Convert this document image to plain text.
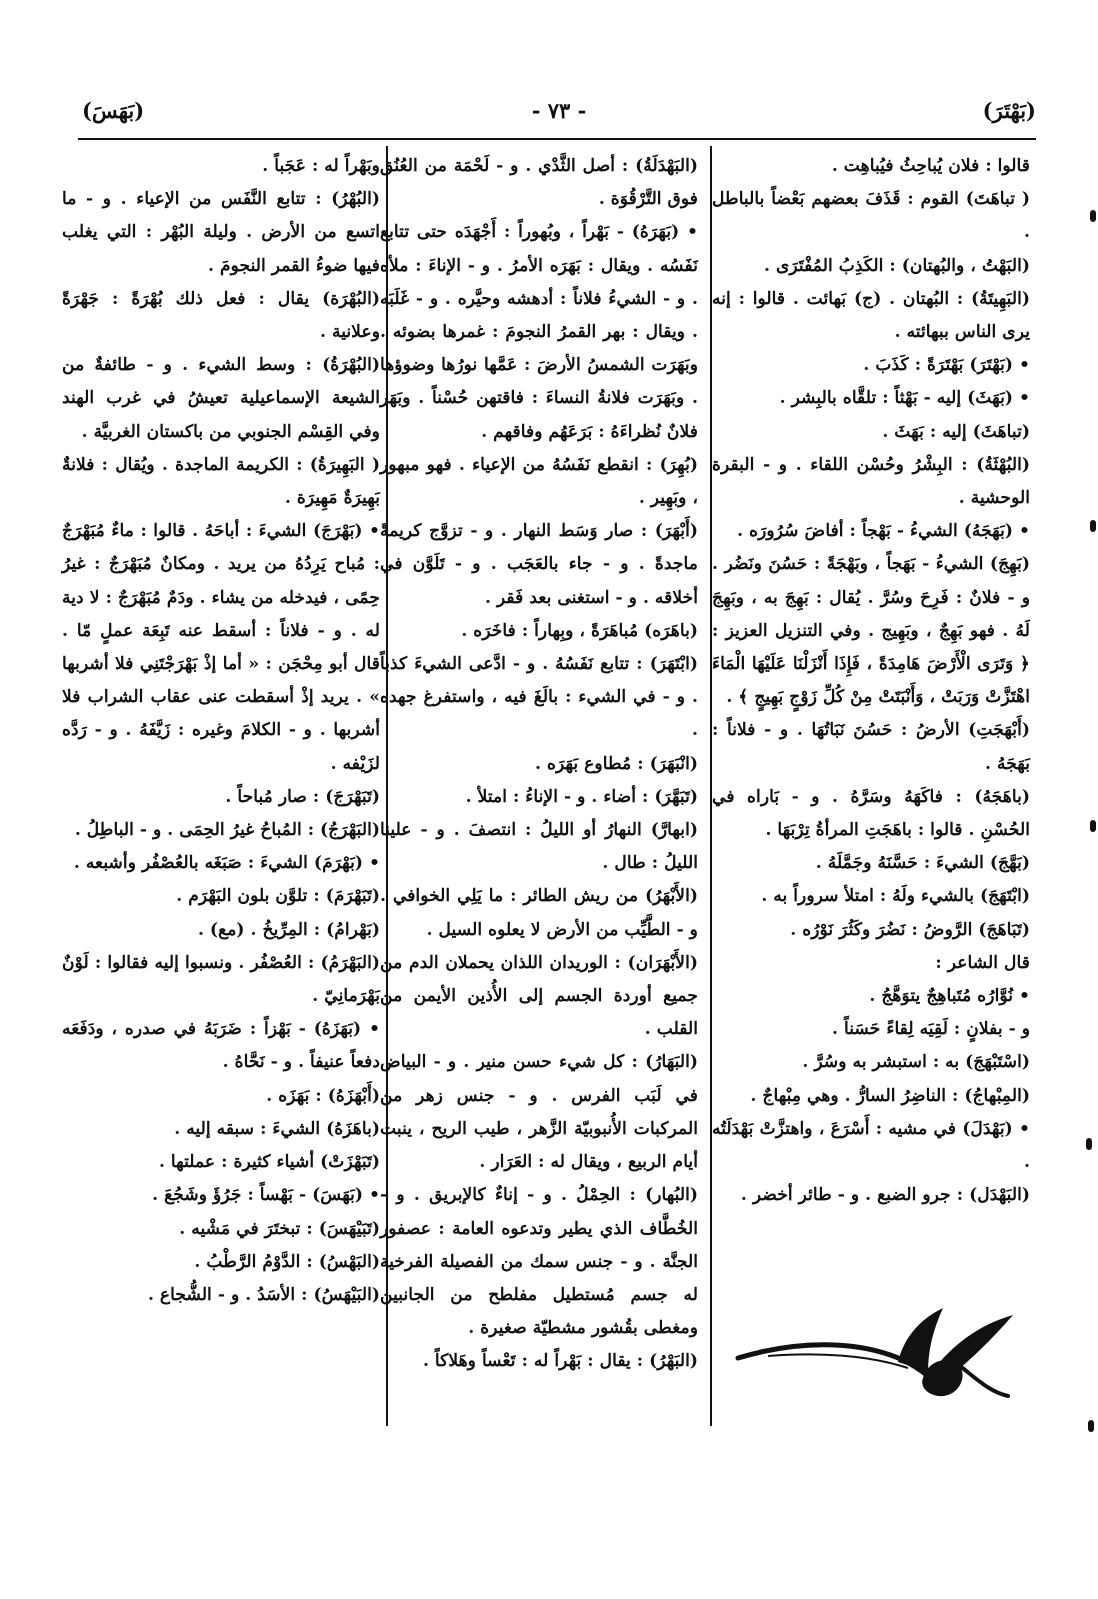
(بَهْتَرَ)
- ٧٣ -
(بَهَسَ)

قالوا : فلان يُباحِثُ فيُباهِت .

( تباهَتَ) القوم : قَذَفَ بعضهم بَعْضاً بالباطل .

(البَهْتُ ، والبُهتان) : الكَذِبُ المُفْتَرَى .

(البَهِيتَةُ) : البُهتان . (ج) بَهائت . قالوا : إنه يرى الناس ببهائته .

• (بَهْتَرَ) بَهْتَرَةً : كَذَبَ .

• (بَهَثَ) إليه - بَهْثاً : تلقَّاه بالبِشر .

(تباهَثَ) إليه : بَهَثَ .

(البُهْثَةُ) : البِشْرُ وحُسْن اللقاء . و - البقرة الوحشية .

• (بَهَجَهُ) الشيءُ - بَهْجاً : أفاضَ سُرُورَه .

(بَهِجَ) الشيءُ - بَهَجاً ، وبَهْجَةً : حَسُنَ ونَضُر . و - فلانٌ : فَرِحَ وسُرَّ . يُقال : بَهِجَ به ، وبَهِجَ لَهُ . فهو بَهِجٌ ، وبَهِيج . وفي التنزيل العزيز : ﴿ وَتَرَى الْأَرْضَ هَامِدَةً ، فَإِذَا أَنْزَلْنَا عَلَيْهَا الْمَاءَ اهْتَزَّتْ وَرَبَتْ ، وَأَنْبَتَتْ مِنْ كُلِّ زَوْجٍ بَهِيجٍ ﴾ .

(أَبْهَجَتِ) الأرضُ : حَسُنَ نَبَاتُهَا . و - فلاناً : بَهَجَهُ .

(باهَجَهُ) : فاكَهَهُ وسَرَّهُ . و - بَاراه في الحُسْنِ . قالوا : باهَجَتِ المرأةُ تِرْبَهَا .

(بَهَّجَ) الشيءَ : حَسَّنَهُ وجَمَّلَهُ .

(ابْتَهَجَ) بالشيء ولَهُ : امتلأ سروراً به .

(تَبَاهَجَ) الرَّوضُ : نَضُرَ وكَثُرَ نَوْرُه .

قال الشاعر :

• نُوَّارُه مُتَباهِجٌ يتوَهَّجُ .

و - بفلانٍ : لَقِيَه لِقاءً حَسَناً .

(اسْتَبْهَجَ) به : استبشر به وسُرَّ .

(المِبْهاجُ) : الناضِرُ السارُّ . وهي مِبْهاجٌ .

• (بَهْدَلَ) في مشيه : أَسْرَعَ ، واهتزَّتْ بَهْدَلَتُه .

(البَهْدَل) : جرو الضبع . و - طائر أخضر .

(البَهْدَلَةُ) : أصل الثَّدْي . و - لَحْمَة من العُنُق فوق التَّرْقُوَة .

• (بَهَرَهُ) - بَهْراً ، وبُهوراً : أَجْهَدَه حتى تتابع نَفَسُه . ويقال : بَهَرَه الأمرُ . و - الإناءَ : ملأه . و - الشيءُ فلاناً : أدهشه وحيَّره . و - غَلَبَه . ويقال : بهر القمرُ النجومَ : غمرها بضوئه . وبَهَرَت الشمسُ الأرضَ : عَمَّها نورُها وضوؤها . وبَهَرَت فلانةُ النساءَ : فاقتهن حُسْناً . وبَهَر فلانٌ نُظراءَهُ : بَرَعَهُم وفاقهم .

(بُهِرَ) : انقطع نَفَسُهُ من الإعياء . فهو مبهور ، وبَهِير .

(أَبْهَرَ) : صار وَسَط النهار . و - تزوَّج كريمةً ماجدةً . و - جاء بالعَجَب . و - تَلَوَّن في أخلاقه . و - استغنى بعد فَقر .

(باهَرَه) مُباهَرَةً ، وبِهاراً : فاخَرَه .

(ابْتَهَرَ) : تتابع نَفَسُهُ . و - ادَّعى الشيءَ كذباً . و - في الشيء : بالَغَ فيه ، واستفرغ جهده .

(انْبَهَرَ) : مُطاوع بَهَرَه .

(تَبَهَّرَ) : أضاء . و - الإناءُ : امتلأ .

(ابهارَّ) النهارُ أو الليلُ : انتصفَ . و - علينا الليلُ : طال .

(الأَبْهَرُ) من ريش الطائر : ما يَلِي الخوافي . و - الطَّيِّب من الأرض لا يعلوه السيل .

(الأَبْهَرَان) : الوريدان اللذان يحملان الدم من جميع أوردة الجسم إلى الأُذين الأيمن من القلب .

(البَهَارُ) : كل شيء حسن منير . و - البياض في لَبَب الفرس . و - جنس زهر من المركبات الأُنبوبيّة الزَّهر ، طيب الريح ، ينبت أيام الربيع ، ويقال له : العَرَار .

(البُهار) : الحِمْلُ . و - إناءٌ كالإبريق . و - الخُطَّاف الذي يطير وتدعوه العامة : عصفور الجنَّة . و - جنس سمك من الفصيلة الفرخية له جسم مُستطيل مفلطح من الجانبين ومغطى بقُشور مشطيّة صغيرة .

(البَهْرُ) : يقال : بَهْراً له : تَعْساً وهَلاكاً .

وبَهْراً له : عَجَباً .

(البُهْرُ) : تتابع النَّفَس من الإعياء . و - ما اتسع من الأرض . وليلة البُهْر : التي يغلب فيها ضوءُ القمر النجومَ .

(البُهْرَة) يقال : فعل ذلك بُهْرَةً : جَهْرَةً وعلانية .

(البُهْرَةُ) : وسط الشيء . و - طائفةٌ من الشيعة الإسماعيلية تعيشُ في غرب الهند وفي القِسْم الجنوبي من باكستان الغربيَّة .

( البَهِيرَةُ) : الكريمة الماجدة . ويُقال : فلانةٌ بَهِيرَةٌ مَهِيرَة .

• (بَهْرَجَ) الشيءَ : أباحَهُ . قالوا : ماءٌ مُبَهْرَجٌ : مُباح يَرِدُهُ من يريد . ومكانٌ مُبَهْرَجٌ : غيرُ حِمًى ، فيدخله من يشاء . ودَمٌ مُبَهْرَجٌ : لا دية له . و - فلاناً : أسقط عنه تَبِعَة عملٍ مّا . قال أبو مِحْجَن : « أما إذْ بَهْرَجْتَنِي فلا أشربها » . يريد إذْ أسقطت عنى عقاب الشراب فلا أشربها . و - الكلامَ وغيره : زَيَّفَهُ . و - رَدَّه لزَيْفه .

(تَبَهْرَجَ) : صار مُباحاً .

(البَهْرَجُ) : المُباحُ غيرُ الحِمَى . و - الباطِلُ .

• (بَهْرَمَ) الشيءَ : صَبَغَه بالعُصْفُر وأشبعه .

(تَبَهْرَمَ) : تلوَّن بلون البَهْرَم .

(بَهْرامُ) : المِرِّيخُ . (مع) .

(البَهْرَمُ) : العُصْفُر . ونسبوا إليه فقالوا : لَوْنٌ بَهْرَمانِيّ .

• (بَهَزَهُ) - بَهْزاً : ضَرَبَهُ في صدره ، ودَفَعَه دفعاً عنيفاً . و - نَحَّاهُ .

(أَبْهَزَهُ) : بَهَزَه .

(باهَزَهُ) الشيءَ : سبقه إليه .

(تَبَهْزَتْ) أشياء كثيرة : عملتها .

• (بَهَسَ) - بَهْساً : جَرُؤَ وشَجُعَ .

(تَبَيْهَسَ) : تبختَرَ في مَشْيه .

(البَهْسُ) : الدَّوْمُ الرَّطْبُ .

(البَيْهَسُ) : الأسَدُ . و - الشُّجاع .
